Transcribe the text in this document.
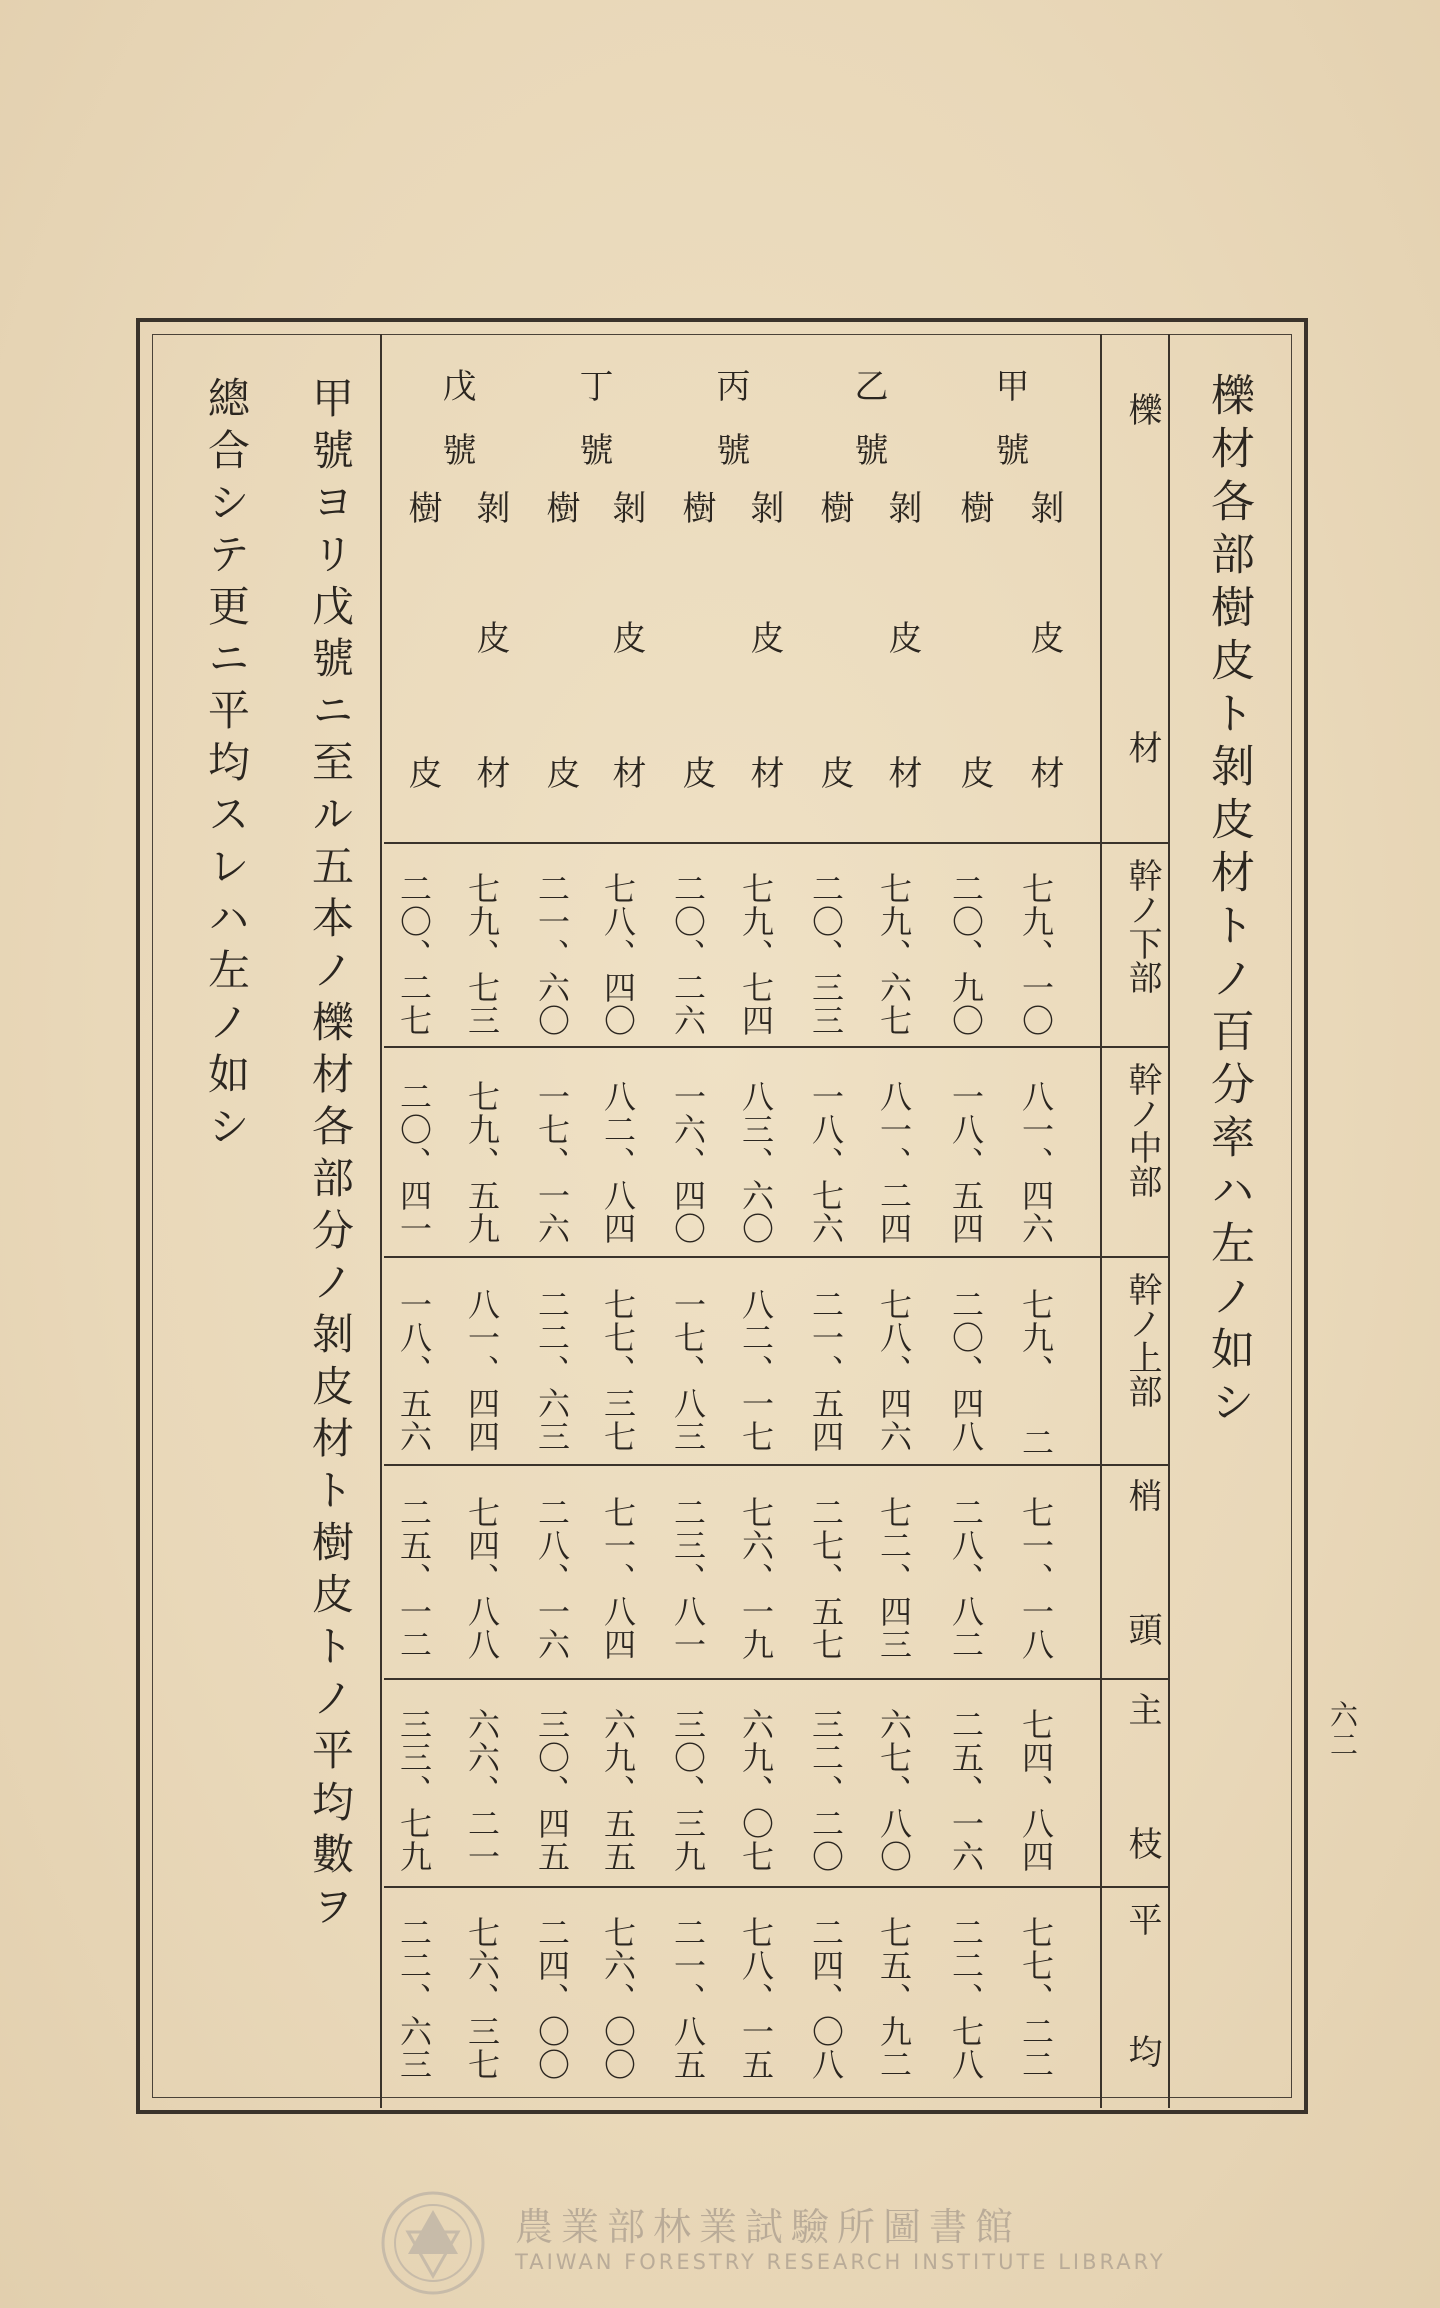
六二
櫟材各部樹皮ト剝皮材トノ百分率ハ左ノ如シ
櫟
材
幹ノ下部
幹ノ中部
幹ノ上部
梢
頭
主
枝
平
均
甲
號
剝
樹
皮
材
皮
乙
號
剝
樹
皮
材
皮
丙
號
剝
樹
皮
材
皮
丁
號
剝
樹
皮
材
皮
戊
號
剝
樹
皮
材
皮
七九、一〇
二〇、九〇
七九、六七
二〇、三三
七九、七四
二〇、二六
七八、四〇
二一、六〇
七九、七三
二〇、二七
八一、四六
一八、五四
八一、二四
一八、七六
八三、六〇
一六、四〇
八二、八四
一七、一六
七九、五九
二〇、四一
七九、 二
二〇、四八
七八、四六
二一、五四
八二、一七
一七、八三
七七、三七
二二、六三
八一、四四
一八、五六
七一、一八
二八、八二
七二、四三
二七、五七
七六、一九
二三、八一
七一、八四
二八、一六
七四、八八
二五、一二
七四、八四
二五、一六
六七、八〇
三二、二〇
六九、〇七
三〇、三九
六九、五五
三〇、四五
六六、二一
三三、七九
七七、二二
二二、七八
七五、九二
二四、〇八
七八、一五
二一、八五
七六、〇〇
二四、〇〇
七六、三七
二二、六三
甲號ヨリ戊號ニ至ル五本ノ櫟材各部分ノ剝皮材ト樹皮トノ平均數ヲ
總合シテ更ニ平均スレハ左ノ如シ
農業部林業試驗所圖書館
TAIWAN FORESTRY RESEARCH INSTITUTE LIBRARY
